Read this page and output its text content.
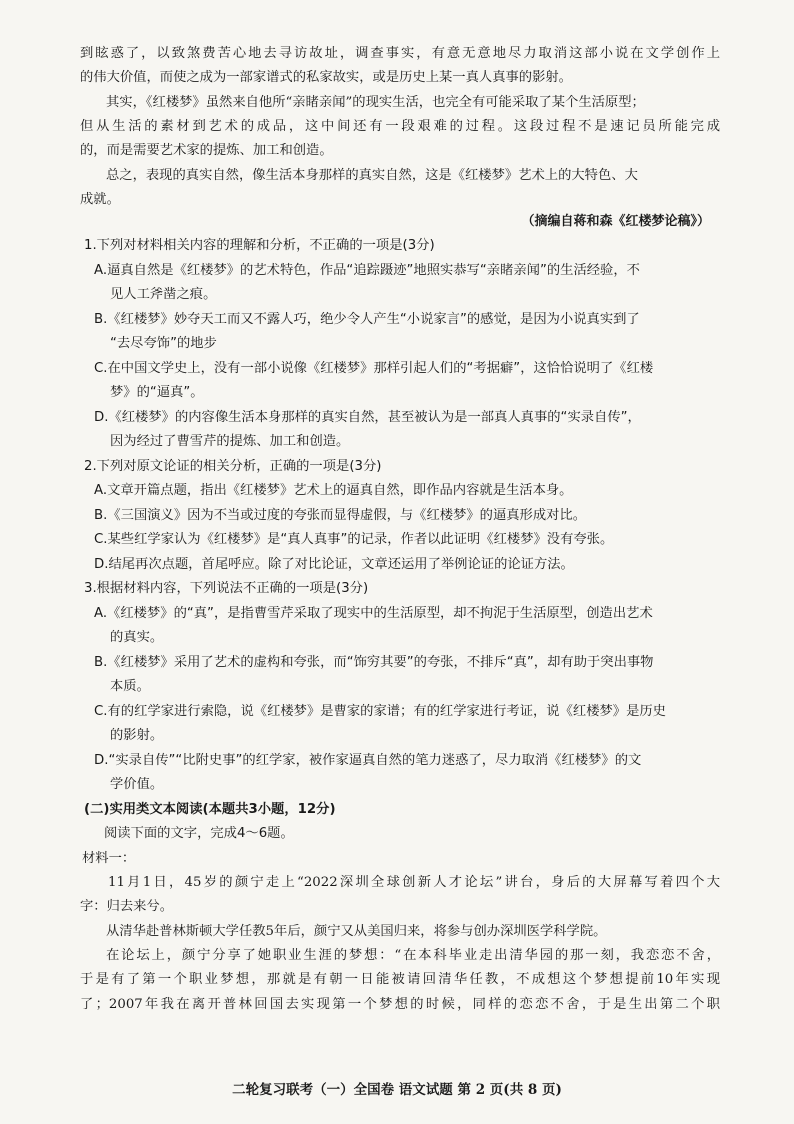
到眩惑了，以致煞费苦心地去寻访故址，调查事实，有意无意地尽力取消这部小说在文学创作上
的伟大价值，而使之成为一部家谱式的私家故实，或是历史上某一真人真事的影射。
其实，《红楼梦》虽然来自他所“亲睹亲闻”的现实生活，也完全有可能采取了某个生活原型；
但从生活的素材到艺术的成品，这中间还有一段艰难的过程。这段过程不是速记员所能完成
的，而是需要艺术家的提炼、加工和创造。
总之，表现的真实自然，像生活本身那样的真实自然，这是《红楼梦》艺术上的大特色、大
成就。
（摘编自蒋和森《红楼梦论稿》）
1.下列对材料相关内容的理解和分析，不正确的一项是(3分)
A.逼真自然是《红楼梦》的艺术特色，作品“追踪蹑迹”地照实恭写“亲睹亲闻”的生活经验，不
见人工斧凿之痕。
B.《红楼梦》妙夺天工而又不露人巧，绝少令人产生“小说家言”的感觉，是因为小说真实到了
“去尽夸饰”的地步
C.在中国文学史上，没有一部小说像《红楼梦》那样引起人们的“考据癖”，这恰恰说明了《红楼
梦》的“逼真”。
D.《红楼梦》的内容像生活本身那样的真实自然，甚至被认为是一部真人真事的“实录自传”，
因为经过了曹雪芹的提炼、加工和创造。
2.下列对原文论证的相关分析，正确的一项是(3分)
A.文章开篇点题，指出《红楼梦》艺术上的逼真自然，即作品内容就是生活本身。
B.《三国演义》因为不当或过度的夸张而显得虚假，与《红楼梦》的逼真形成对比。
C.某些红学家认为《红楼梦》是“真人真事”的记录，作者以此证明《红楼梦》没有夸张。
D.结尾再次点题，首尾呼应。除了对比论证，文章还运用了举例论证的论证方法。
3.根据材料内容，下列说法不正确的一项是(3分)
A.《红楼梦》的“真”，是指曹雪芹采取了现实中的生活原型，却不拘泥于生活原型，创造出艺术
的真实。
B.《红楼梦》采用了艺术的虚构和夸张，而“饰穷其要”的夸张，不排斥“真”，却有助于突出事物
本质。
C.有的红学家进行索隐，说《红楼梦》是曹家的家谱；有的红学家进行考证，说《红楼梦》是历史
的影射。
D.“实录自传”“比附史事”的红学家，被作家逼真自然的笔力迷惑了，尽力取消《红楼梦》的文
学价值。
(二)实用类文本阅读(本题共3小题，12分)
阅读下面的文字，完成4～6题。
材料一：
11月1日，45岁的颜宁走上“2022深圳全球创新人才论坛”讲台，身后的大屏幕写着四个大
字：归去来兮。
从清华赴普林斯顿大学任教5年后，颜宁又从美国归来，将参与创办深圳医学科学院。
在论坛上，颜宁分享了她职业生涯的梦想：“在本科毕业走出清华园的那一刻，我恋恋不舍，
于是有了第一个职业梦想，那就是有朝一日能被请回清华任教，不成想这个梦想提前10年实现
了；2007年我在离开普林回国去实现第一个梦想的时候，同样的恋恋不舍，于是生出第二个职
二轮复习联考（一）全国卷 语文试题 第 2 页(共 8 页)
